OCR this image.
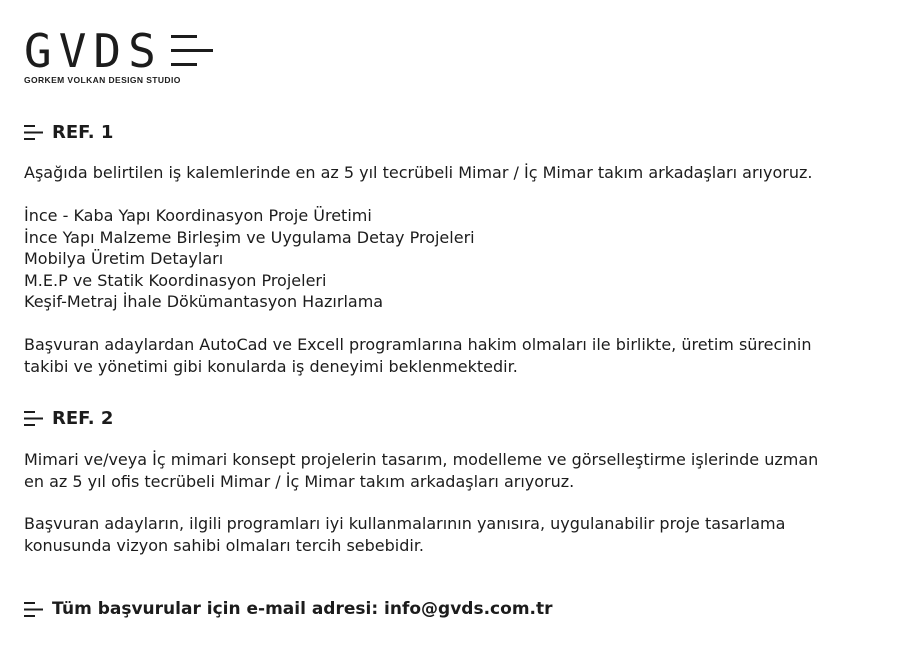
GVDS
GORKEM VOLKAN DESIGN STUDIO
REF. 1
Aşağıda belirtilen iş kalemlerinde en az 5 yıl tecrübeli Mimar / İç Mimar takım arkadaşları arıyoruz.
İnce - Kaba Yapı Koordinasyon Proje Üretimi
İnce Yapı Malzeme Birleşim ve Uygulama Detay Projeleri
Mobilya Üretim Detayları
M.E.P ve Statik Koordinasyon Projeleri
Keşif-Metraj İhale Dökümantasyon Hazırlama
Başvuran adaylardan AutoCad ve Excell programlarına hakim olmaları ile birlikte, üretim sürecinin
takibi ve yönetimi gibi konularda iş deneyimi beklenmektedir.
REF. 2
Mimari ve/veya İç mimari konsept projelerin tasarım, modelleme ve görselleştirme işlerinde uzman
en az 5 yıl ofis tecrübeli Mimar / İç Mimar takım arkadaşları arıyoruz.
Başvuran adayların, ilgili programları iyi kullanmalarının yanısıra, uygulanabilir proje tasarlama
konusunda vizyon sahibi olmaları tercih sebebidir.
Tüm başvurular için e-mail adresi: info@gvds.com.tr
